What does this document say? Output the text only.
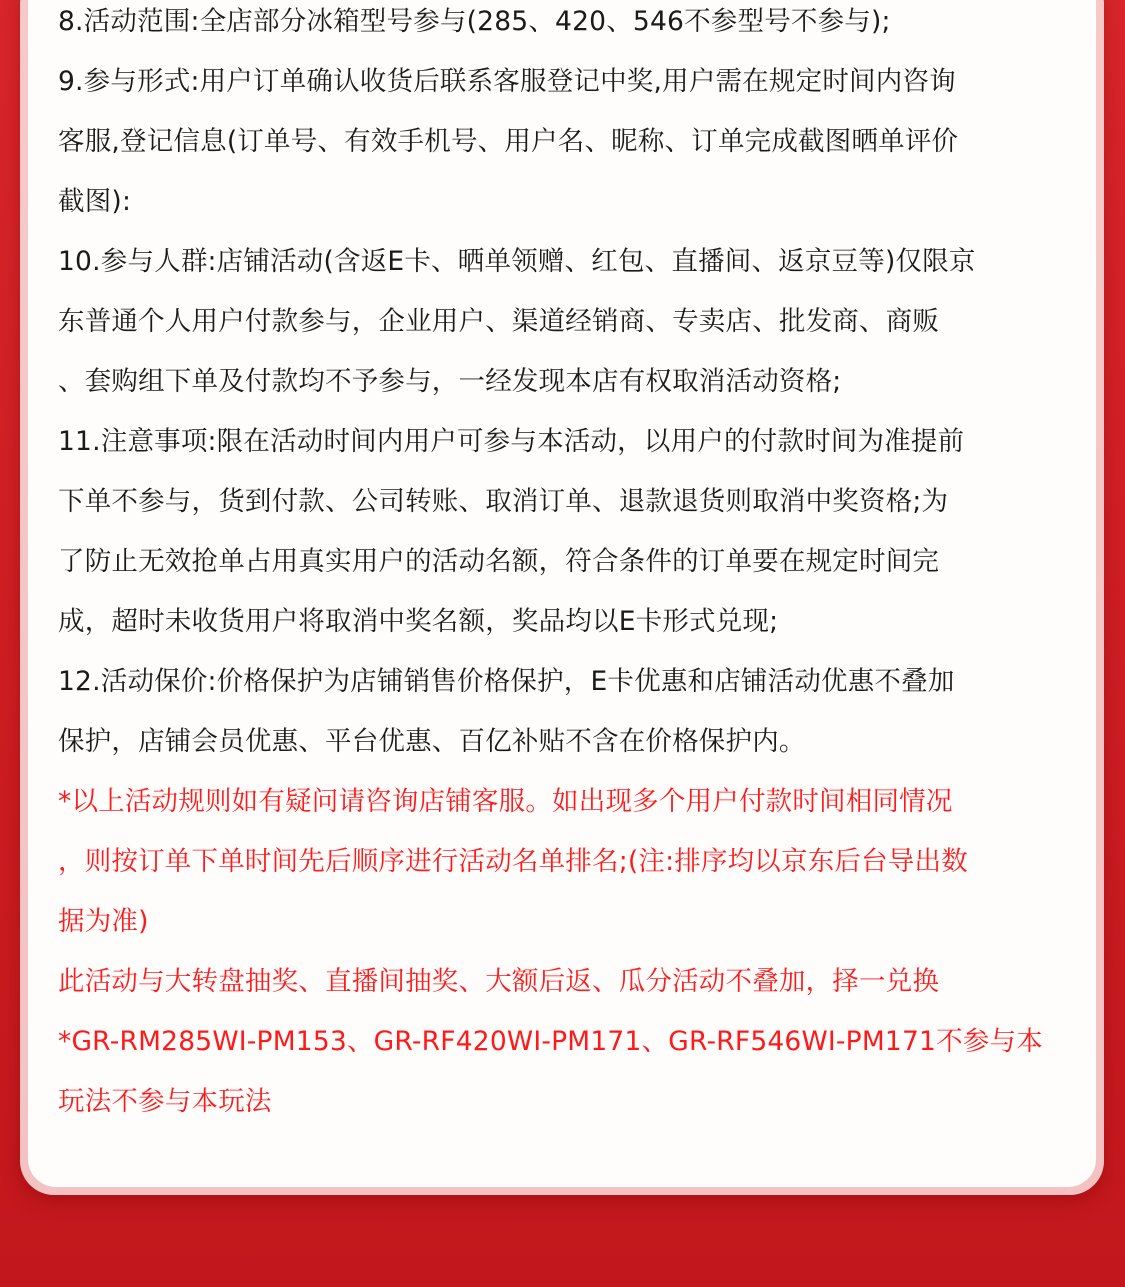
8.活动范围:全店部分冰箱型号参与(285、420、546不参型号不参与);
9.参与形式:用户订单确认收货后联系客服登记中奖,用户需在规定时间内咨询
客服,登记信息(订单号、有效手机号、用户名、昵称、订单完成截图晒单评价
截图):
10.参与人群:店铺活动(含返E卡、晒单领赠、红包、直播间、返京豆等)仅限京
东普通个人用户付款参与，企业用户、渠道经销商、专卖店、批发商、商贩
、套购组下单及付款均不予参与，一经发现本店有权取消活动资格;
11.注意事项:限在活动时间内用户可参与本活动，以用户的付款时间为准提前
下单不参与，货到付款、公司转账、取消订单、退款退货则取消中奖资格;为
了防止无效抢单占用真实用户的活动名额，符合条件的订单要在规定时间完
成，超时未收货用户将取消中奖名额，奖品均以E卡形式兑现;
12.活动保价:价格保护为店铺销售价格保护，E卡优惠和店铺活动优惠不叠加
保护，店铺会员优惠、平台优惠、百亿补贴不含在价格保护内。
*以上活动规则如有疑问请咨询店铺客服。如出现多个用户付款时间相同情况
，则按订单下单时间先后顺序进行活动名单排名;(注:排序均以京东后台导出数
据为准)
此活动与大转盘抽奖、直播间抽奖、大额后返、瓜分活动不叠加，择一兑换
*GR-RM285WI-PM153、GR-RF420WI-PM171、GR-RF546WI-PM171不参与本
玩法不参与本玩法
